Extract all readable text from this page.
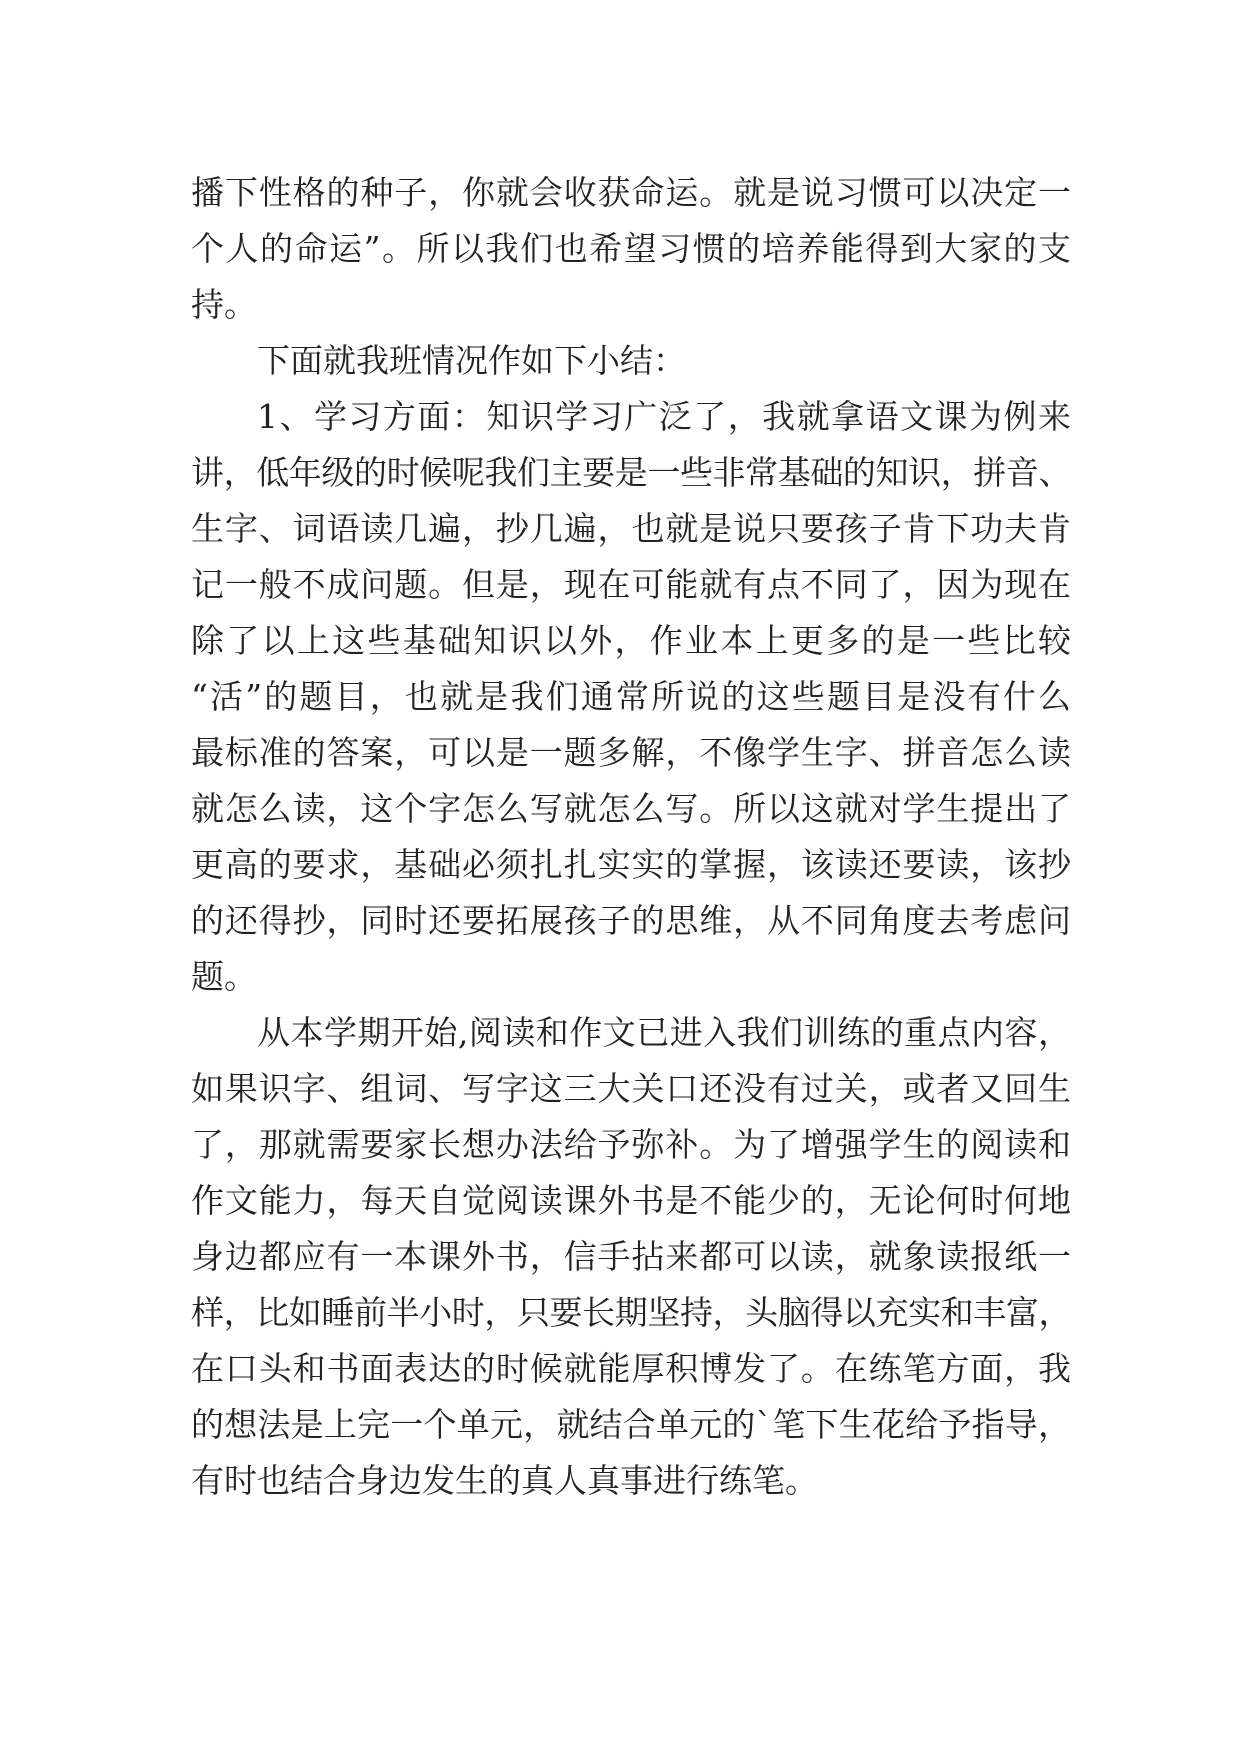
播下性格的种子，你就会收获命运。就是说习惯可以决定一

个人的命运”。所以我们也希望习惯的培养能得到大家的支

持。

下面就我班情况作如下小结：

1、学习方面：知识学习广泛了，我就拿语文课为例来

讲，低年级的时候呢我们主要是一些非常基础的知识，拼音、

生字、词语读几遍，抄几遍，也就是说只要孩子肯下功夫肯

记一般不成问题。但是，现在可能就有点不同了，因为现在

除了以上这些基础知识以外，作业本上更多的是一些比较

“活”的题目，也就是我们通常所说的这些题目是没有什么

最标准的答案，可以是一题多解，不像学生字、拼音怎么读

就怎么读，这个字怎么写就怎么写。所以这就对学生提出了

更高的要求，基础必须扎扎实实的掌握，该读还要读，该抄

的还得抄，同时还要拓展孩子的思维，从不同角度去考虑问

题。

从本学期开始,阅读和作文已进入我们训练的重点内容，

如果识字、组词、写字这三大关口还没有过关，或者又回生

了，那就需要家长想办法给予弥补。为了增强学生的阅读和

作文能力，每天自觉阅读课外书是不能少的，无论何时何地

身边都应有一本课外书，信手拈来都可以读，就象读报纸一

样，比如睡前半小时，只要长期坚持，头脑得以充实和丰富，

在口头和书面表达的时候就能厚积博发了。在练笔方面，我

的想法是上完一个单元，就结合单元的`笔下生花给予指导，

有时也结合身边发生的真人真事进行练笔。
